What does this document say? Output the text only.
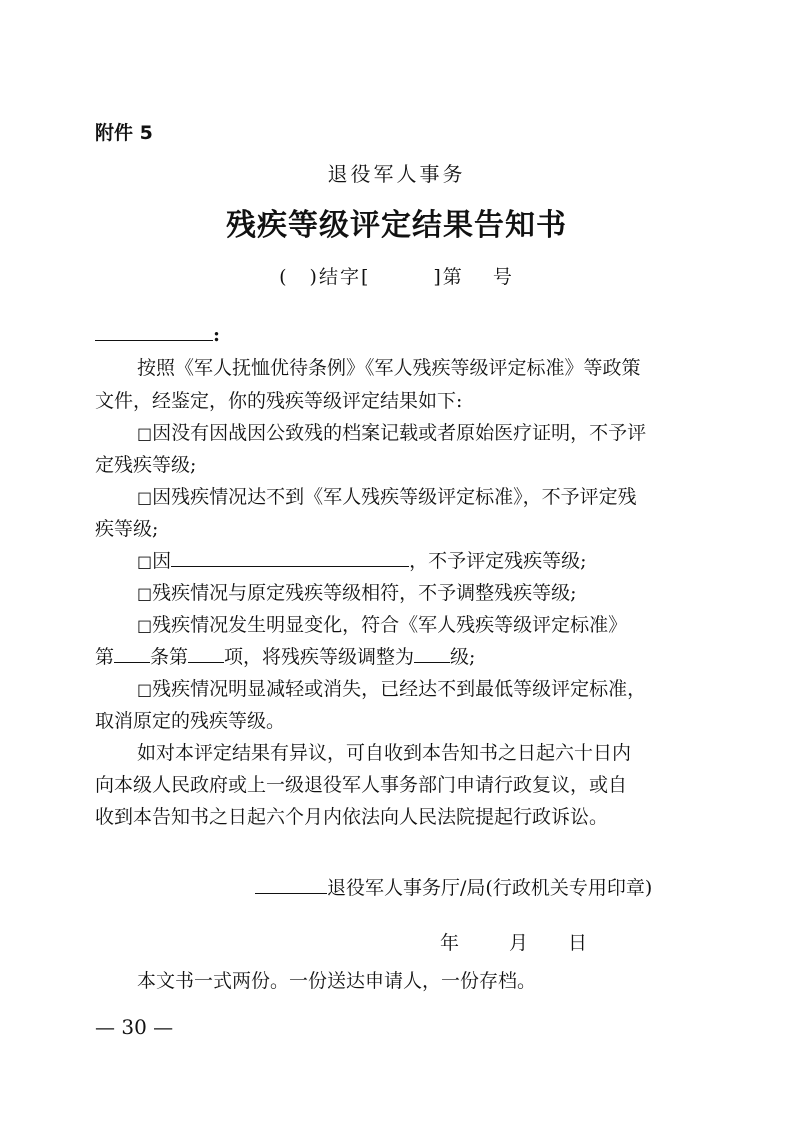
附件 5
退役军人事务
残疾等级评定结果告知书
(　)结字[　　　]第　 号
:
按照《军人抚恤优待条例》《军人残疾等级评定标准》等政策
文件，经鉴定，你的残疾等级评定结果如下:
□因没有因战因公致残的档案记载或者原始医疗证明，不予评
定残疾等级;
□因残疾情况达不到《军人残疾等级评定标准》，不予评定残
疾等级;
□因	，不予评定残疾等级;
□残疾情况与原定残疾等级相符，不予调整残疾等级;
□残疾情况发生明显变化，符合《军人残疾等级评定标准》
第 条第 项，将残疾等级调整为 级;
□残疾情况明显减轻或消失，已经达不到最低等级评定标准，
取消原定的残疾等级。
如对本评定结果有异议，可自收到本告知书之日起六十日内
向本级人民政府或上一级退役军人事务部门申请行政复议，或自
收到本告知书之日起六个月内依法向人民法院提起行政诉讼。
退役军人事务厅/局(行政机关专用印章)
年	月 日
本文书一式两份。一份送达申请人，一份存档。
— 30 —
